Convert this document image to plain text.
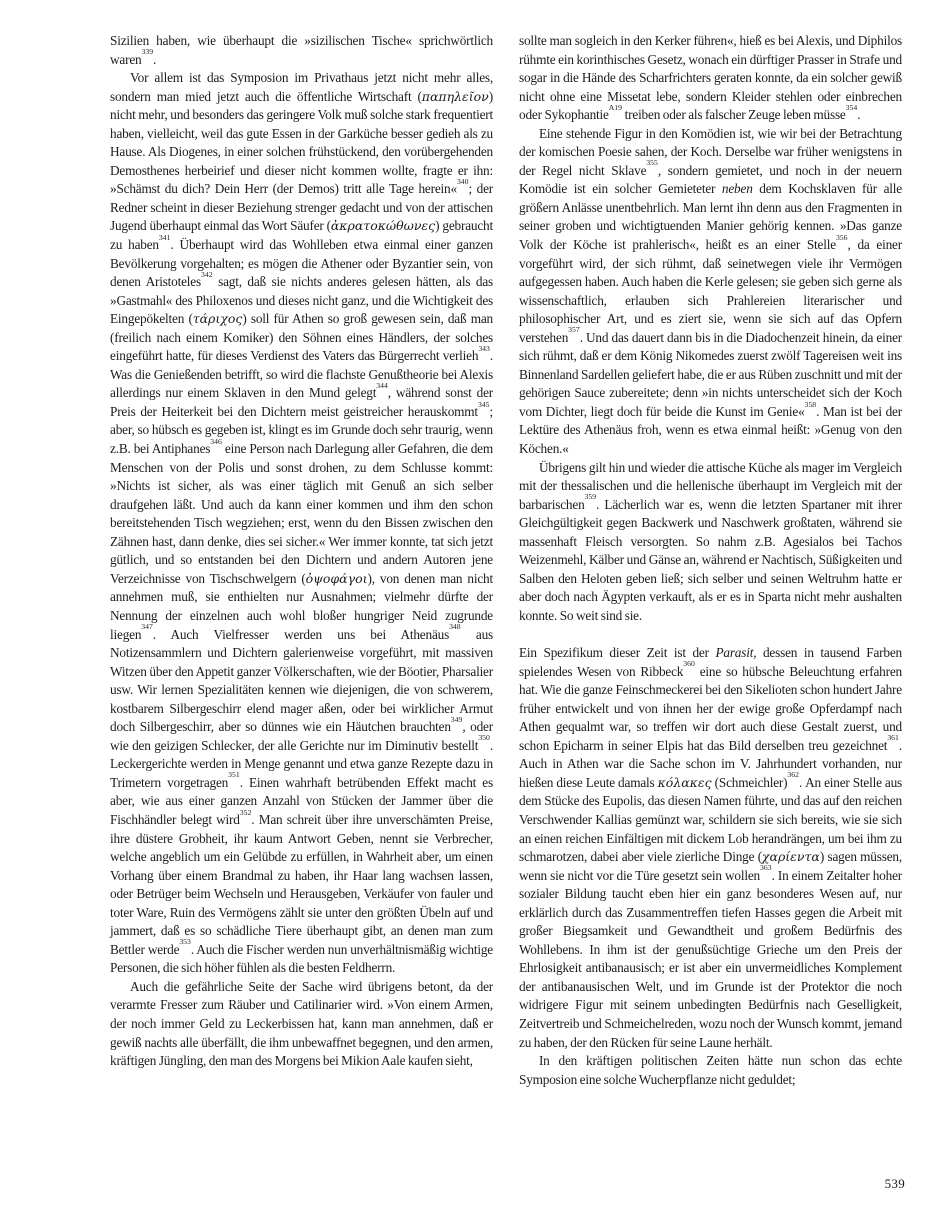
Sizilien haben, wie überhaupt die »sizilischen Tische« sprichwörtlich waren$^{339}$.

Vor allem ist das Symposion im Privathaus jetzt nicht mehr alles, sondern man mied jetzt auch die öffentliche Wirtschaft (παπηλεῖον) nicht mehr, und besonders das geringere Volk muß solche stark frequentiert haben, vielleicht, weil das gute Essen in der Garküche besser gedieh als zu Hause. Als Diogenes, in einer solchen frühstückend, den vorübergehenden Demosthenes herbeirief und dieser nicht kommen wollte, fragte er ihn: »Schämst du dich? Dein Herr (der Demos) tritt alle Tage herein«$^{340}$; der Redner scheint in dieser Beziehung strenger gedacht und von der attischen Jugend überhaupt einmal das Wort Säufer (ἀκρατοκώθωνες) gebraucht zu haben$^{341}$. Überhaupt wird das Wohlleben etwa einmal einer ganzen Bevölkerung vorgehalten; es mögen die Athener oder Byzantier sein, von denen Aristoteles$^{342}$ sagt, daß sie nichts anderes gelesen hätten, als das »Gastmahl« des Philoxenos und dieses nicht ganz, und die Wichtigkeit des Eingepökelten (τάριχος) soll für Athen so groß gewesen sein, daß man (freilich nach einem Komiker) den Söhnen eines Händlers, der solches eingeführt hatte, für dieses Verdienst des Vaters das Bürgerrecht verlieh$^{343}$. Was die Genießenden betrifft, so wird die flachste Genußtheorie bei Alexis allerdings nur einem Sklaven in den Mund gelegt$^{344}$, während sonst der Preis der Heiterkeit bei den Dichtern meist geistreicher herauskommt$^{345}$; aber, so hübsch es gegeben ist, klingt es im Grunde doch sehr traurig, wenn z.B. bei Antiphanes$^{346}$ eine Person nach Darlegung aller Gefahren, die dem Menschen von der Polis und sonst drohen, zu dem Schlusse kommt: »Nichts ist sicher, als was einer täglich mit Genuß an sich selber draufgehen läßt. Und auch da kann einer kommen und ihm den schon bereitstehenden Tisch wegziehen; erst, wenn du den Bissen zwischen den Zähnen hast, dann denke, dies sei sicher.« Wer immer konnte, tat sich jetzt gütlich, und so entstanden bei den Dichtern und andern Autoren jene Verzeichnisse von Tischschwelgern (ὀψοφάγοι), von denen man nicht annehmen muß, sie enthielten nur Ausnahmen; vielmehr dürfte der Nennung der einzelnen auch wohl bloßer hungriger Neid zugrunde liegen$^{347}$. Auch Vielfresser werden uns bei Athenäus$^{348}$ aus Notizensammlern und Dichtern galerienweise vorgeführt, mit massiven Witzen über den Appetit ganzer Völkerschaften, wie der Böotier, Pharsalier usw. Wir lernen Spezialitäten kennen wie diejenigen, die von schwerem, kostbarem Silbergeschirr elend mager aßen, oder bei wirklicher Armut doch Silbergeschirr, aber so dünnes wie ein Häutchen brauchten$^{349}$, oder wie den geizigen Schlecker, der alle Gerichte nur im Diminutiv bestellt$^{350}$. Leckergerichte werden in Menge genannt und etwa ganze Rezepte dazu in Trimetern vorgetragen$^{351}$. Einen wahrhaft betrübenden Effekt macht es aber, wie aus einer ganzen Anzahl von Stücken der Jammer über die Fischhändler belegt wird$^{352}$. Man schreit über ihre unverschämten Preise, ihre düstere Grobheit, ihr kaum Antwort Geben, nennt sie Verbrecher, welche angeblich um ein Gelübde zu erfüllen, in Wahrheit aber, um einen Vorhang über einem Brandmal zu haben, ihr Haar lang wachsen lassen, oder Betrüger beim Wechseln und Herausgeben, Verkäufer von fauler und toter Ware, Ruin des Vermögens zählt sie unter den größten Übeln auf und jammert, daß es so schädliche Tiere überhaupt gibt, an denen man zum Bettler werde$^{353}$. Auch die Fischer werden nun unverhältnismäßig wichtige Personen, die sich höher fühlen als die besten Feldherrn.

Auch die gefährliche Seite der Sache wird übrigens betont, da der verarmte Fresser zum Räuber und Catilinarier wird. »Von einem Armen, der noch immer Geld zu Leckerbissen hat, kann man annehmen, daß er gewiß nachts alle überfällt, die ihm unbewaffnet begegnen, und den armen, kräftigen Jüngling, den man des Morgens bei Mikion Aale kaufen sieht,

sollte man sogleich in den Kerker führen«, hieß es bei Alexis, und Diphilos rühmte ein korinthisches Gesetz, wonach ein dürftiger Prasser in Strafe und sogar in die Hände des Scharfrichters geraten konnte, da ein solcher gewiß nicht ohne eine Missetat lebe, sondern Kleider stehlen oder einbrechen oder Sykophantie$^{A19}$ treiben oder als falscher Zeuge leben müsse$^{354}$.

Eine stehende Figur in den Komödien ist, wie wir bei der Betrachtung der komischen Poesie sahen, der Koch. Derselbe war früher wenigstens in der Regel nicht Sklave$^{355}$, sondern gemietet, und noch in der neuern Komödie ist ein solcher Gemieteter neben dem Kochsklaven für alle größern Anlässe unentbehrlich. Man lernt ihn denn aus den Fragmenten in seiner groben und wichtigtuenden Manier gehörig kennen. »Das ganze Volk der Köche ist prahlerisch«, heißt es an einer Stelle$^{356}$, da einer vorgeführt wird, der sich rühmt, daß seinetwegen viele ihr Vermögen aufgegessen haben. Auch haben die Kerle gelesen; sie geben sich gerne als wissenschaftlich, erlauben sich Prahlereien literarischer und philosophischer Art, und es ziert sie, wenn sie sich auf das Opfern verstehen$^{357}$. Und das dauert dann bis in die Diadochenzeit hinein, da einer sich rühmt, daß er dem König Nikomedes zuerst zwölf Tagereisen weit ins Binnenland Sardellen geliefert habe, die er aus Rüben zuschnitt und mit der gehörigen Sauce zubereitete; denn »in nichts unterscheidet sich der Koch vom Dichter, liegt doch für beide die Kunst im Genie«$^{358}$. Man ist bei der Lektüre des Athenäus froh, wenn es etwa einmal heißt: »Genug von den Köchen.«

Übrigens gilt hin und wieder die attische Küche als mager im Vergleich mit der thessalischen und die hellenische überhaupt im Vergleich mit der barbarischen$^{359}$. Lächerlich war es, wenn die letzten Spartaner mit ihrer Gleichgültigkeit gegen Backwerk und Naschwerk großtaten, während sie massenhaft Fleisch versorgten. So nahm z.B. Agesialos bei Tachos Weizenmehl, Kälber und Gänse an, während er Nachtisch, Süßigkeiten und Salben den Heloten geben ließ; sich selber und seinen Weltruhm hatte er aber doch nach Ägypten verkauft, als er es in Sparta nicht mehr aushalten konnte. So weit sind sie.

Ein Spezifikum dieser Zeit ist der Parasit, dessen in tausend Farben spielendes Wesen von Ribbeck$^{360}$ eine so hübsche Beleuchtung erfahren hat. Wie die ganze Feinschmeckerei bei den Sikelioten schon hundert Jahre früher entwickelt und von ihnen her der ewige große Opferdampf nach Athen gequalmt war, so treffen wir dort auch diese Gestalt zuerst, und schon Epicharm in seiner Elpis hat das Bild derselben treu gezeichnet$^{361}$. Auch in Athen war die Sache schon im V. Jahrhundert vorhanden, nur hießen diese Leute damals κόλακες (Schmeichler)$^{362}$. An einer Stelle aus dem Stücke des Eupolis, das diesen Namen führte, und das auf den reichen Verschwender Kallias gemünzt war, schildern sie sich bereits, wie sie sich an einen reichen Einfältigen mit dickem Lob herandrängen, um bei ihm zu schmarotzen, dabei aber viele zierliche Dinge (χαρίεντα) sagen müssen, wenn sie nicht vor die Türe gesetzt sein wollen$^{363}$. In einem Zeitalter hoher sozialer Bildung taucht eben hier ein ganz besonderes Wesen auf, nur erklärlich durch das Zusammentreffen tiefen Hasses gegen die Arbeit mit großer Biegsamkeit und Gewandtheit und großem Bedürfnis des Wohllebens. In ihm ist der genußsüchtige Grieche um den Preis der Ehrlosigkeit antibanausisch; er ist aber ein unvermeidliches Komplement der antibanausischen Welt, und im Grunde ist der Protektor die noch widrigere Figur mit seinem unbedingten Bedürfnis nach Geselligkeit, Zeitvertreib und Schmeichelreden, wozu noch der Wunsch kommt, jemand zu haben, der den Rücken für seine Laune herhält.

In den kräftigen politischen Zeiten hätte nun schon das echte Symposion eine solche Wucherpflanze nicht geduldet;

539
